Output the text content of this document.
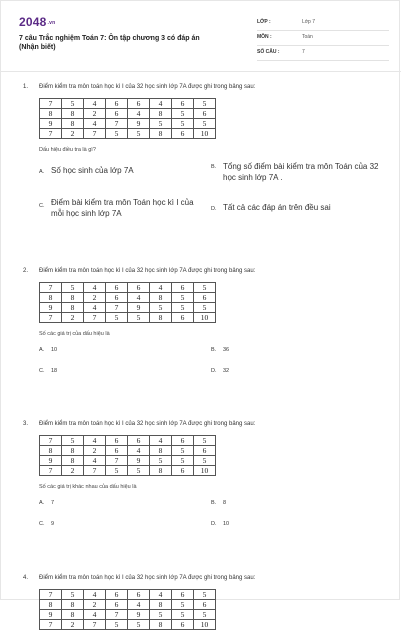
2048.vn
7 câu Trắc nghiệm Toán 7: Ôn tập chương 3 có đáp án (Nhận biết)
LỚP :	Lớp 7
MÔN :	Toán
SỐ CÂU :	7
1. Điểm kiểm tra môn toán học kì I của 32 học sinh lớp 7A được ghi trong bảng sau:
7	5	4	6	6	4	6	5
8	8	2	6	4	8	5	6
9	8	4	7	9	5	5	5
7	2	7	5	5	8	6	10
Dấu hiệu điều tra là gì?
A. Số học sinh của lớp 7A	B. Tổng số điểm bài kiểm tra môn Toán của 32 học sinh lớp 7A .
C. Điểm bài kiểm tra môn Toán học kì I của mỗi học sinh lớp 7A	D. Tất cả các đáp án trên đều sai
2. Điểm kiểm tra môn toán học kì I của 32 học sinh lớp 7A được ghi trong bảng sau:
7	5	4	6	6	4	6	5
8	8	2	6	4	8	5	6
9	8	4	7	9	5	5	5
7	2	7	5	5	8	6	10
Số các giá trị của dấu hiệu là
A. 10	B. 36
C. 18	D. 32
3. Điểm kiểm tra môn toán học kì I của 32 học sinh lớp 7A được ghi trong bảng sau:
7	5	4	6	6	4	6	5
8	8	2	6	4	8	5	6
9	8	4	7	9	5	5	5
7	2	7	5	5	8	6	10
Số các giá trị khác nhau của dấu hiệu là
A. 7	B. 8
C. 9	D. 10
4. Điểm kiểm tra môn toán học kì I của 32 học sinh lớp 7A được ghi trong bảng sau:
7	5	4	6	6	4	6	5
8	8	2	6	4	8	5	6
9	8	4	7	9	5	5	5
7	2	7	5	5	8	6	10
